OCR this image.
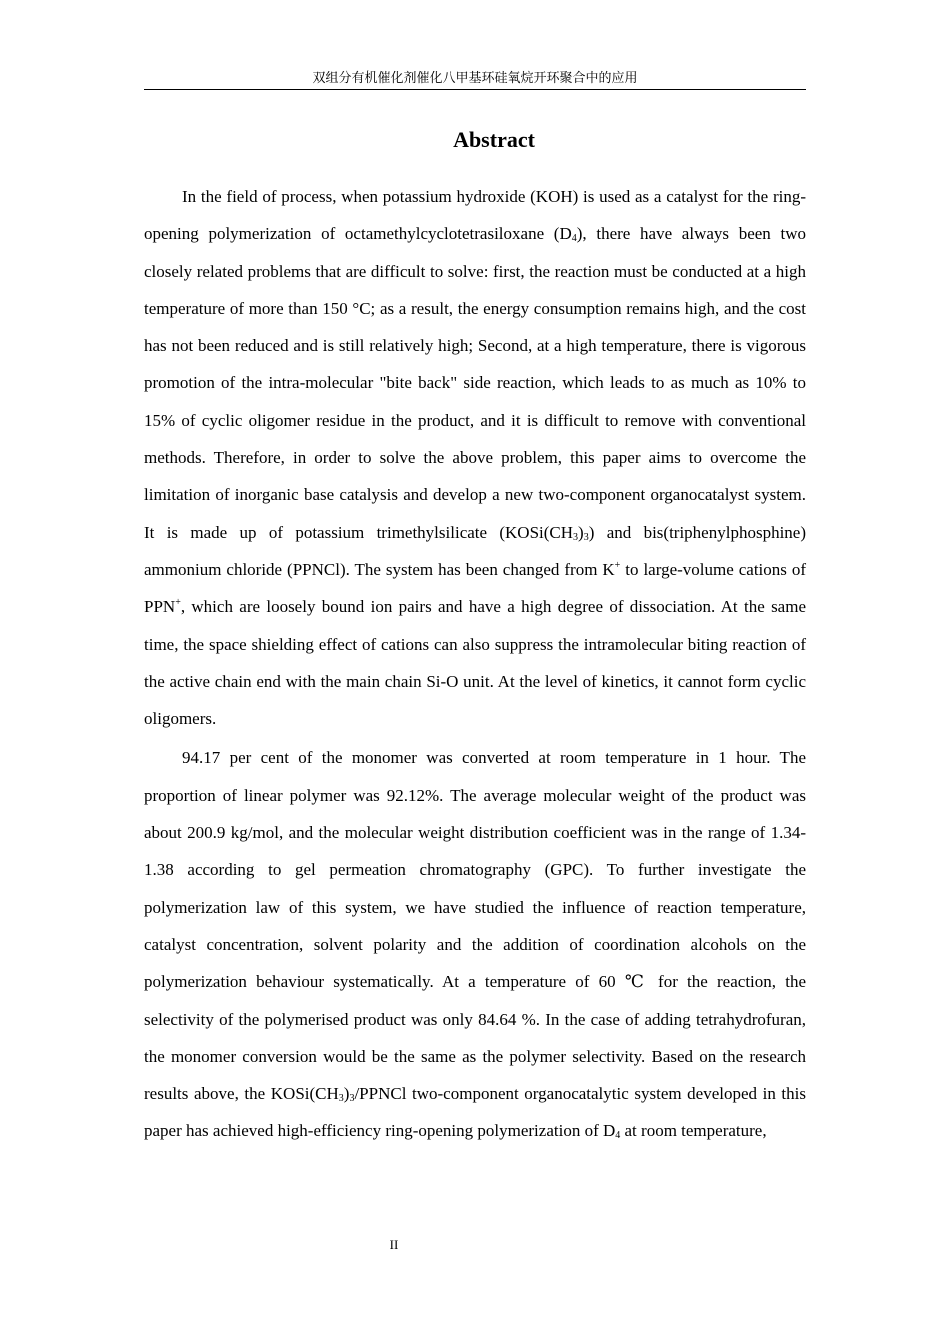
双组分有机催化剂催化八甲基环硅氧烷开环聚合中的应用
Abstract

In the field of process, when potassium hydroxide (KOH) is used as a catalyst for the ring-opening polymerization of octamethylcyclotetrasiloxane $(D_4)$, there have always been two closely related problems that are difficult to solve: first, the reaction must be conducted at a high temperature of more than 150 °C; as a result, the energy consumption remains high, and the cost has not been reduced and is still relatively high; Second, at a high temperature, there is vigorous promotion of the intra-molecular "bite back" side reaction, which leads to as much as 10% to 15% of cyclic oligomer residue in the product, and it is difficult to remove with conventional methods. Therefore, in order to solve the above problem, this paper aims to overcome the limitation of inorganic base catalysis and develop a new two-component organocatalyst system. It is made up of potassium trimethylsilicate $(KOSi(CH_3)_3)$ and bis(triphenylphosphine) ammonium chloride (PPNCl). The system has been changed from K+ to large-volume cations of PPN+, which are loosely bound ion pairs and have a high degree of dissociation. At the same time, the space shielding effect of cations can also suppress the intramolecular biting reaction of the active chain end with the main chain Si-O unit. At the level of kinetics, it cannot form cyclic oligomers.

94.17 per cent of the monomer was converted at room temperature in 1 hour. The proportion of linear polymer was 92.12%. The average molecular weight of the product was about 200.9 kg/mol, and the molecular weight distribution coefficient was in the range of 1.34-1.38 according to gel permeation chromatography (GPC). To further investigate the polymerization law of this system, we have studied the influence of reaction temperature, catalyst concentration, solvent polarity and the addition of coordination alcohols on the polymerization behaviour systematically. At a temperature of 60 ℃ for the reaction, the selectivity of the polymerised product was only 84.64 %. In the case of adding tetrahydrofuran, the monomer conversion would be the same as the polymer selectivity. Based on the research results above, the $KOSi(CH_3)_3$/PPNCl two-component organocatalytic system developed in this paper has achieved high-efficiency ring-opening polymerization of $D_4$ at room temperature,

II
